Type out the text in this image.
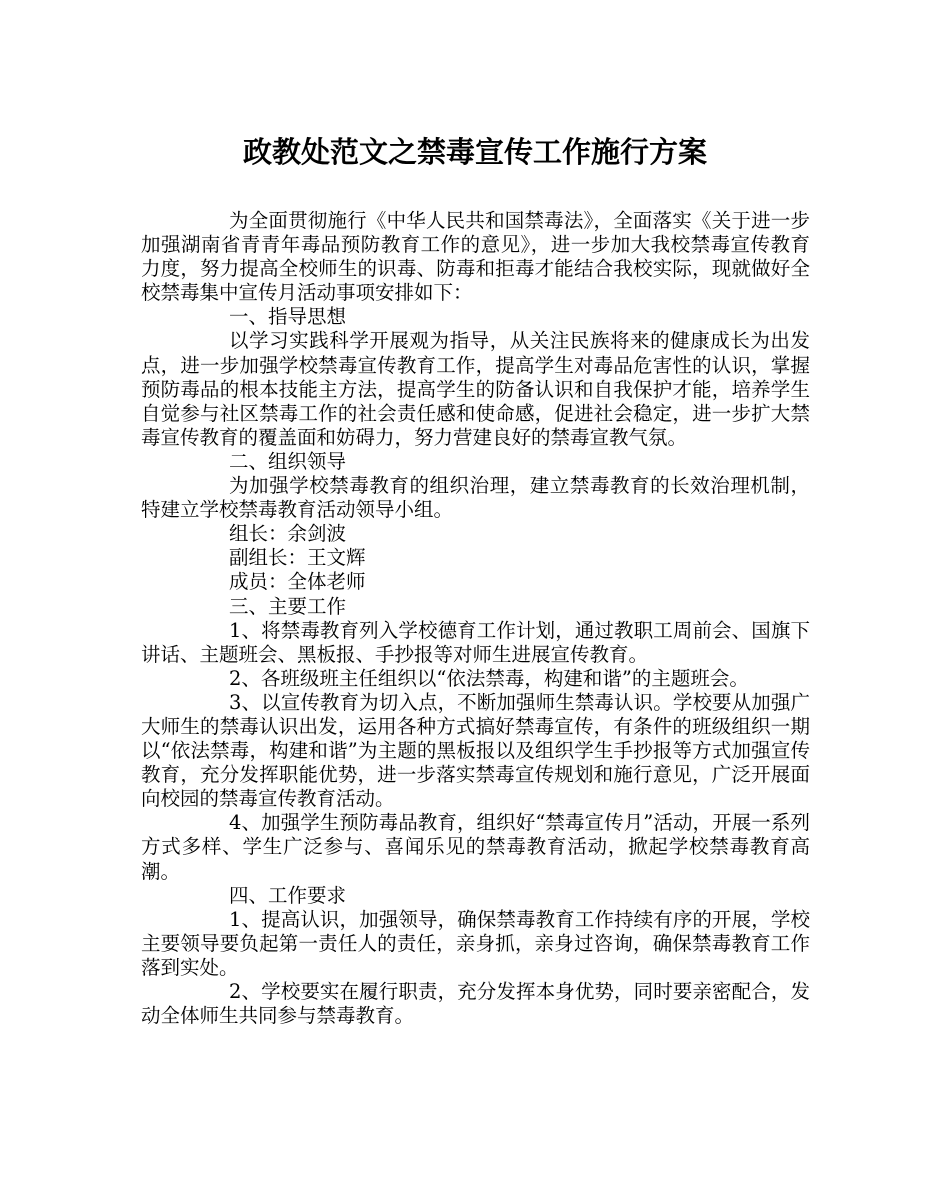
政教处范文之禁毒宣传工作施行方案

为全面贯彻施行《中华人民共和国禁毒法》，全面落实《关于进一步加强湖南省青青年毒品预防教育工作的意见》，进一步加大我校禁毒宣传教育力度，努力提高全校师生的识毒、防毒和拒毒才能结合我校实际，现就做好全校禁毒集中宣传月活动事项安排如下：

一、指导思想

以学习实践科学开展观为指导，从关注民族将来的健康成长为出发点，进一步加强学校禁毒宣传教育工作，提高学生对毒品危害性的认识，掌握预防毒品的根本技能主方法，提高学生的防备认识和自我保护才能，培养学生自觉参与社区禁毒工作的社会责任感和使命感，促进社会稳定，进一步扩大禁毒宣传教育的覆盖面和妨碍力，努力营建良好的禁毒宣教气氛。

二、组织领导

为加强学校禁毒教育的组织治理，建立禁毒教育的长效治理机制，特建立学校禁毒教育活动领导小组。

组长：余剑波

副组长：王文辉

成员：全体老师

三、主要工作

1、将禁毒教育列入学校德育工作计划，通过教职工周前会、国旗下讲话、主题班会、黑板报、手抄报等对师生进展宣传教育。

2、各班级班主任组织以“依法禁毒，构建和谐”的主题班会。

3、以宣传教育为切入点，不断加强师生禁毒认识。学校要从加强广大师生的禁毒认识出发，运用各种方式搞好禁毒宣传，有条件的班级组织一期以“依法禁毒，构建和谐”为主题的黑板报以及组织学生手抄报等方式加强宣传教育，充分发挥职能优势，进一步落实禁毒宣传规划和施行意见，广泛开展面向校园的禁毒宣传教育活动。

4、加强学生预防毒品教育，组织好“禁毒宣传月”活动，开展一系列方式多样、学生广泛参与、喜闻乐见的禁毒教育活动，掀起学校禁毒教育高潮。

四、工作要求

1、提高认识，加强领导，确保禁毒教育工作持续有序的开展，学校主要领导要负起第一责任人的责任，亲身抓，亲身过咨询，确保禁毒教育工作落到实处。

2、学校要实在履行职责，充分发挥本身优势，同时要亲密配合，发动全体师生共同参与禁毒教育。
